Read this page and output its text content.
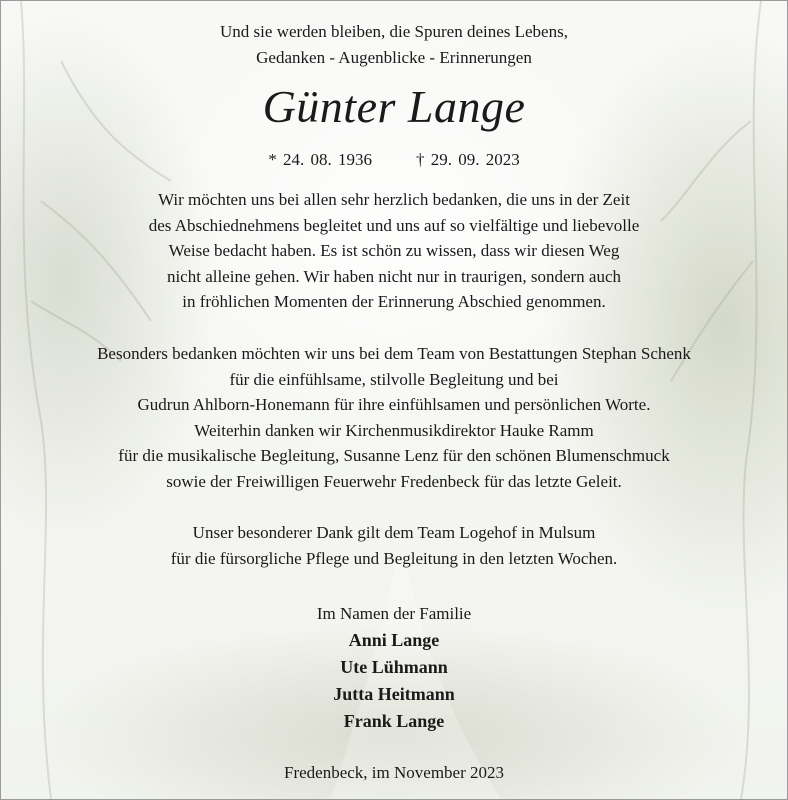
Und sie werden bleiben, die Spuren deines Lebens,
Gedanken - Augenblicke - Erinnerungen
Günter Lange
* 24. 08. 1936	† 29. 09. 2023
Wir möchten uns bei allen sehr herzlich bedanken, die uns in der Zeit
des Abschiednehmens begleitet und uns auf so vielfältige und liebevolle
Weise bedacht haben. Es ist schön zu wissen, dass wir diesen Weg
nicht alleine gehen. Wir haben nicht nur in traurigen, sondern auch
in fröhlichen Momenten der Erinnerung Abschied genommen.
Besonders bedanken möchten wir uns bei dem Team von Bestattungen Stephan Schenk
für die einfühlsame, stilvolle Begleitung und bei
Gudrun Ahlborn-Honemann für ihre einfühlsamen und persönlichen Worte.
Weiterhin danken wir Kirchenmusikdirektor Hauke Ramm
für die musikalische Begleitung, Susanne Lenz für den schönen Blumenschmuck
sowie der Freiwilligen Feuerwehr Fredenbeck für das letzte Geleit.
Unser besonderer Dank gilt dem Team Logehof in Mulsum
für die fürsorgliche Pflege und Begleitung in den letzten Wochen.
Im Namen der Familie
Anni Lange
Ute Lühmann
Jutta Heitmann
Frank Lange
Fredenbeck, im November 2023
